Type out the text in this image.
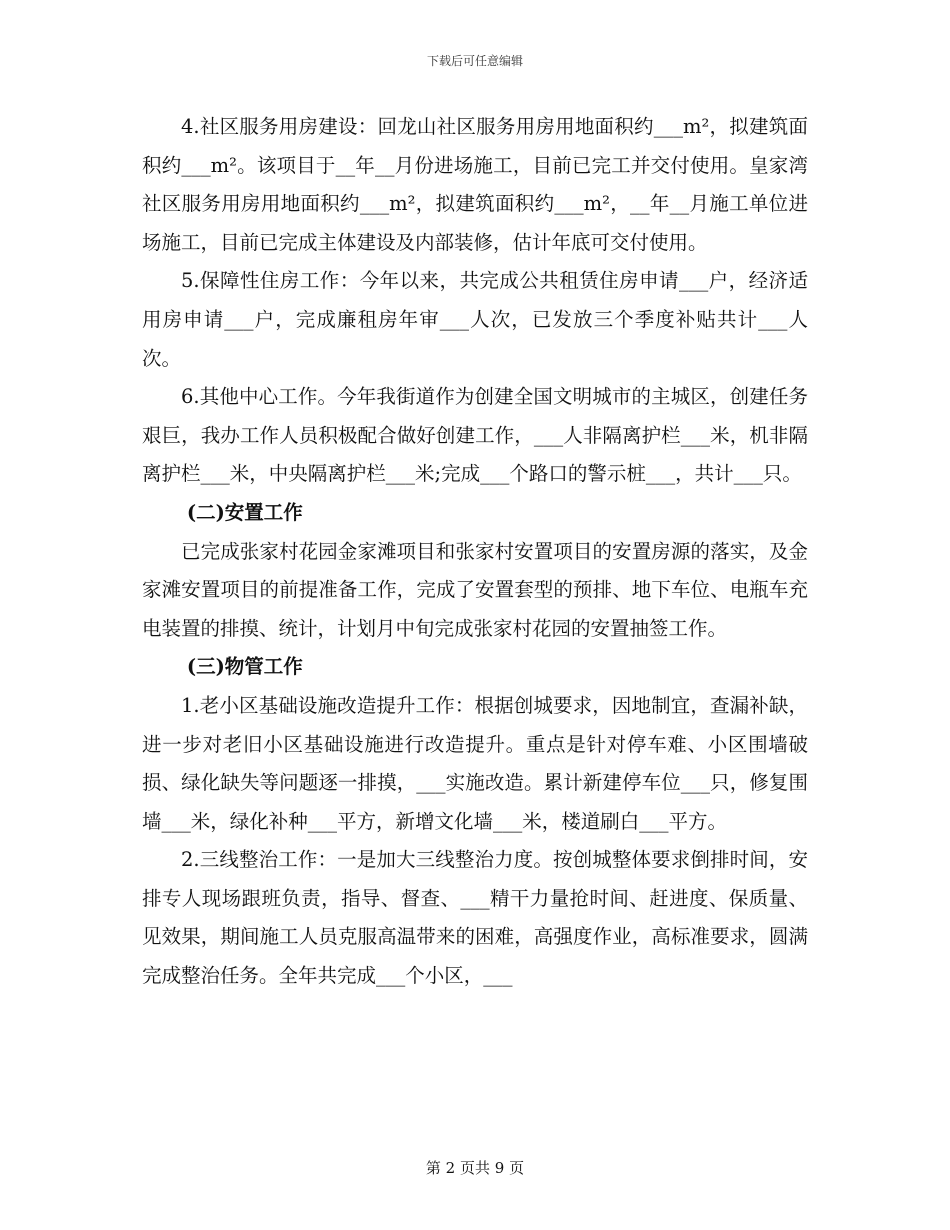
下载后可任意编辑

4.社区服务用房建设：回龙山社区服务用房用地面积约___m²，拟建筑面积约___m²。该项目于__年__月份进场施工，目前已完工并交付使用。皇家湾社区服务用房用地面积约___m²，拟建筑面积约___m²，__年__月施工单位进场施工，目前已完成主体建设及内部装修，估计年底可交付使用。

5.保障性住房工作：今年以来，共完成公共租赁住房申请___户，经济适用房申请___户，完成廉租房年审___人次，已发放三个季度补贴共计___人次。

6.其他中心工作。今年我街道作为创建全国文明城市的主城区，创建任务艰巨，我办工作人员积极配合做好创建工作，___人非隔离护栏___米，机非隔离护栏___米，中央隔离护栏___米;完成___个路口的警示桩___，共计___只。

(二)安置工作

已完成张家村花园金家滩项目和张家村安置项目的安置房源的落实，及金家滩安置项目的前提准备工作，完成了安置套型的预排、地下车位、电瓶车充电装置的排摸、统计，计划月中旬完成张家村花园的安置抽签工作。

(三)物管工作

1.老小区基础设施改造提升工作：根据创城要求，因地制宜，查漏补缺，进一步对老旧小区基础设施进行改造提升。重点是针对停车难、小区围墙破损、绿化缺失等问题逐一排摸，___实施改造。累计新建停车位___只，修复围墙___米，绿化补种___平方，新增文化墙___米，楼道刷白___平方。

2.三线整治工作：一是加大三线整治力度。按创城整体要求倒排时间，安排专人现场跟班负责，指导、督查、___精干力量抢时间、赶进度、保质量、见效果，期间施工人员克服高温带来的困难，高强度作业，高标准要求，圆满完成整治任务。全年共完成___个小区，___

第 2 页共 9 页
